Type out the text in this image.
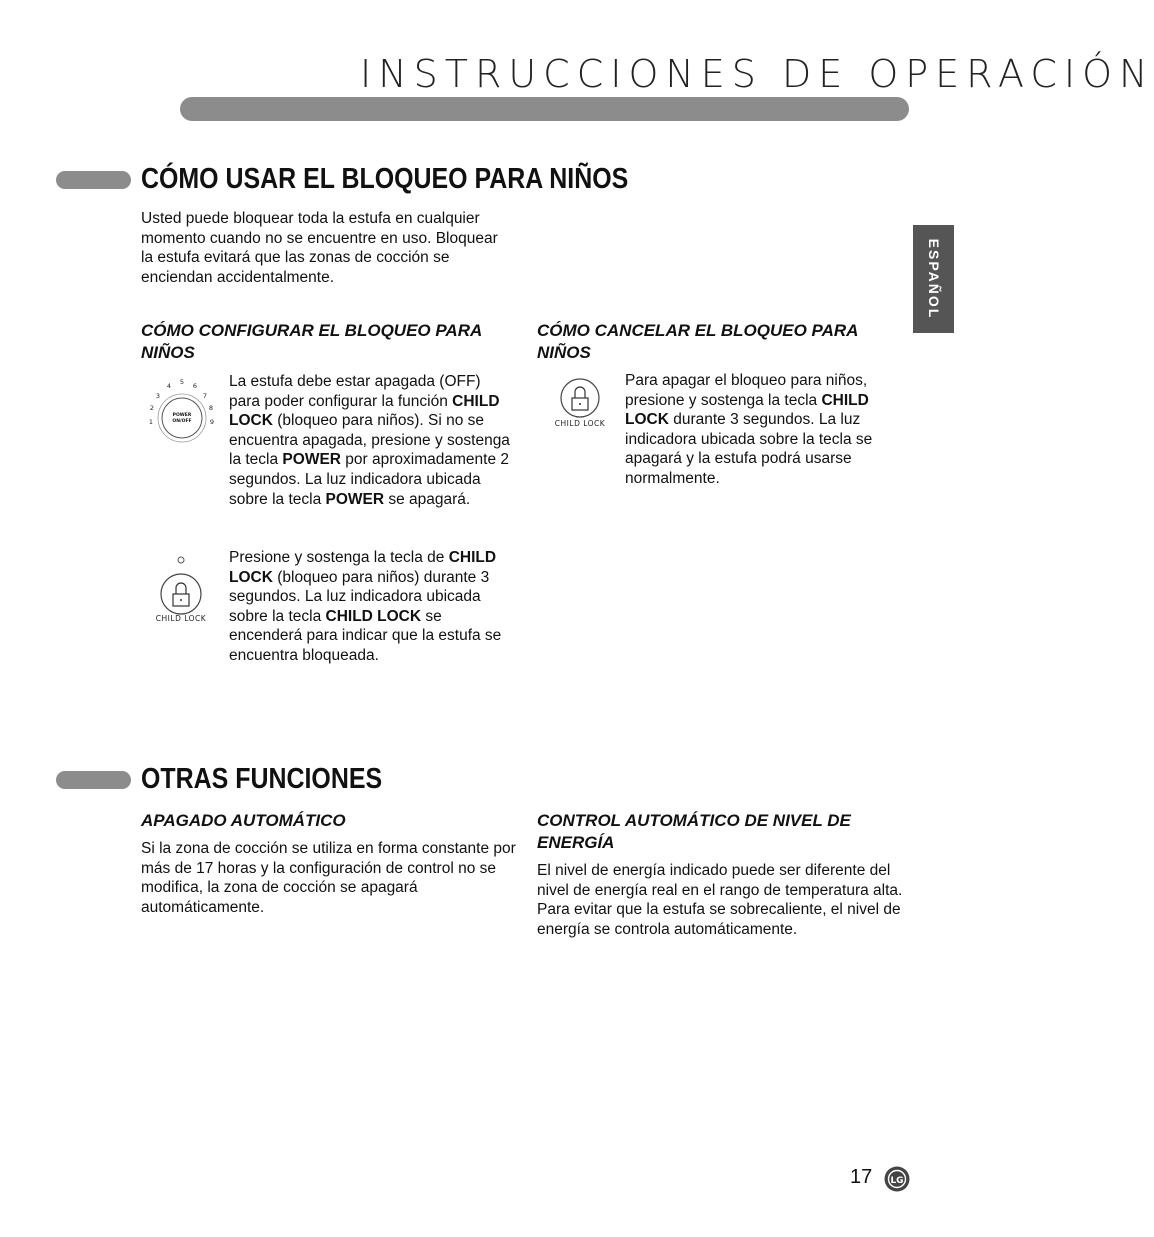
INSTRUCCIONES DE OPERACIÓN
ESPAÑOL
CÓMO USAR EL BLOQUEO PARA NIÑOS
Usted puede bloquear toda la estufa en cualquier momento cuando no se encuentre en uso. Bloquear la estufa evitará que las zonas de cocción se enciendan accidentalmente.
CÓMO CONFIGURAR EL BLOQUEO PARA NIÑOS
1
2
3
4 5 6
7
8
9
POWER
ON/OFF
La estufa debe estar apagada (OFF) para poder configurar la función CHILD LOCK (bloqueo para niños). Si no se encuentra apagada, presione y sostenga la tecla POWER por aproximadamente 2 segundos. La luz indicadora ubicada sobre la tecla POWER se apagará.
CHILD LOCK
Presione y sostenga la tecla de CHILD LOCK (bloqueo para niños) durante 3 segundos. La luz indicadora ubicada sobre la tecla CHILD LOCK se encenderá para indicar que la estufa se encuentra bloqueada.
CÓMO CANCELAR EL BLOQUEO PARA NIÑOS
CHILD LOCK
Para apagar el bloqueo para niños, presione y sostenga la tecla CHILD LOCK durante 3 segundos. La luz indicadora ubicada sobre la tecla se apagará y la estufa podrá usarse normalmente.
OTRAS FUNCIONES
APAGADO AUTOMÁTICO
Si la zona de cocción se utiliza en forma constante por más de 17 horas y la configuración de control no se modifica, la zona de cocción se apagará automáticamente.
CONTROL AUTOMÁTICO DE NIVEL DE ENERGÍA
El nivel de energía indicado puede ser diferente del nivel de energía real en el rango de temperatura alta. Para evitar que la estufa se sobrecaliente, el nivel de energía se controla automáticamente.
17 LG
